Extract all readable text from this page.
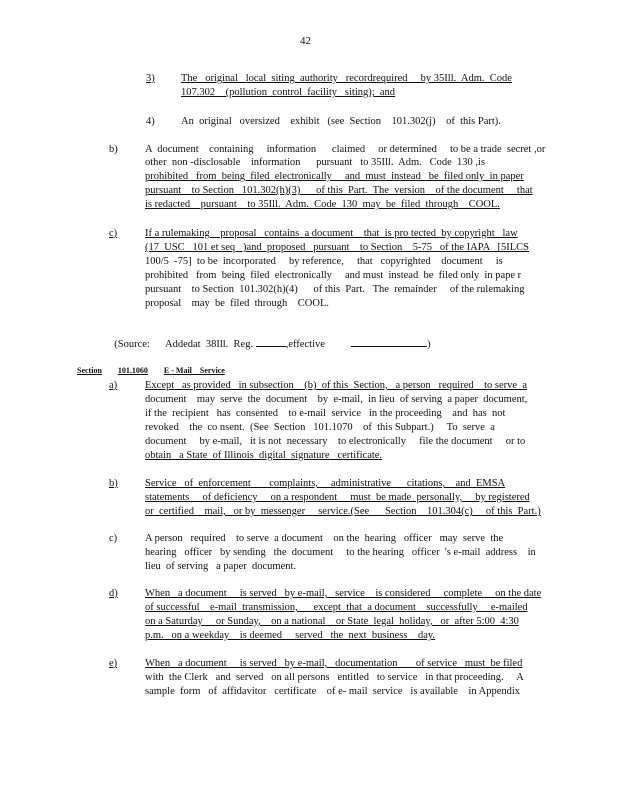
42
3)	The   original   local  siting  authority   recordrequired     by 35Ill.  Adm.  Code
107.302    (pollution  control  facility   siting);  and
4)	An  original   oversized    exhibit   (see  Section    101.302(j)    of  this Part).
b)	A  document    containing     information      claimed     or determined     to be a trade  secret ,or
other  non -disclosable    information      pursuant   to 35Ill.  Adm.   Code  130 ,is
prohibited   from  being  filed  electronically     and  must  instead   be  filed only  in paper
pursuant    to Section   101.302(h)(3)      of this  Part.  The  version    of the document     that
is redacted    pursuant    to 35Ill.  Adm.  Code  130  may  be  filed  through    COOL.
c)	If a rulemaking    proposal   contains  a document    that  is pro tected  by copyright   law
(17  USC   101 et seq   )and  proposed   pursuant    to Section    5-75   of the IAPA   [5ILCS
100/5  -75]  to be  incorporated     by reference,     that   copyrighted    document     is
prohibited   from  being  filed  electronically     and must  instead  be  filed only  in pape r
pursuant    to Section  101.302(h)(4)      of this  Part.   The  remainder     of the rulemaking
proposal    may  be  filed  through    COOL.

(Source: Addedat  38Ill.  Reg.	,effective	)

Section 101.1060 E - Mail    Service

a)	Except   as provided   in subsection    (b)  of this  Section,   a person   required    to serve  a
document    may  serve  the  document    by  e-mail,  in lieu  of serving  a paper  document,
if the  recipient   has  consented    to e-mail  service   in the proceeding    and  has  not
revoked    the  co nsent.  (See  Section   101.1070    of  this Subpart.)     To  serve  a
document     by e-mail,   it is not  necessary    to electronically     file the document     or to
obtain   a State  of Illinois  digital  signature   certificate.
b)	Service   of  enforcement       complaints,     administrative      citations,    and  EMSA
statements     of deficiency     on a respondent     must  be made  personally,     by registered
or  certified    mail,   or by  messenger     service.(See      Section    101.304(c)     of this  Part.)
c)	A person   required    to serve  a document    on the  hearing   officer   may  serve  the
hearing   officer   by sending   the  document     to the hearing   officer  's e-mail  address    in
lieu  of serving   a paper  document.
d)	When   a document     is served   by e-mail,   service    is considered     complete     on the date
of successful    e-mail  transmission,      except  that  a document    successfully     e-mailed
on a Saturday     or Sunday,    on a national    or State  legal  holiday,   or  after 5:00  4:30
p.m.   on a weekday    is deemed     served   the  next  business    day.
e)	When   a document     is served   by e-mail,   documentation       of service   must  be filed
with  the Clerk   and  served   on all persons   entitled   to service   in that proceeding.     A
sample  form   of  affidavitor   certificate    of e- mail  service   is available    in Appendix
